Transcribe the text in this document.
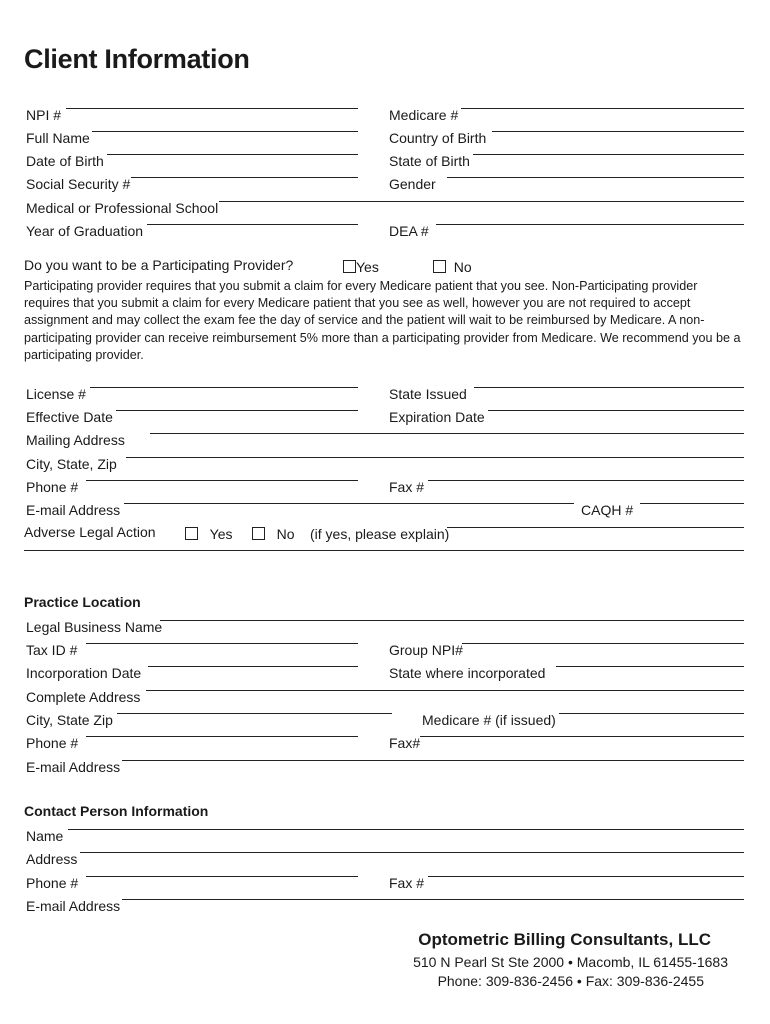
Client Information
NPI #	Medicare #
Full Name	Country of Birth
Date of Birth	State of Birth
Social Security #	Gender
Medical or Professional School
Year of Graduation	DEA #
Do you want to be a Participating Provider?	Yes	No
Participating provider requires that you submit a claim for every Medicare patient that you see. Non-Participating provider requires that you submit a claim for every Medicare patient that you see as well, however you are not required to accept assignment and may collect the exam fee the day of service and the patient will wait to be reimbursed by Medicare. A non-participating provider can receive reimbursement 5% more than a participating provider from Medicare. We recommend you be a participating provider.
License #	State Issued
Effective Date	Expiration Date
Mailing Address
City, State, Zip
Phone #	Fax #
E-mail Address	CAQH #
Adverse Legal Action	Yes	No (if yes, please explain)
Practice Location
Legal Business Name
Tax ID #	Group NPI#
Incorporation Date	State where incorporated
Complete Address
City, State Zip	Medicare # (if issued)
Phone #	Fax#
E-mail Address
Contact Person Information
Name
Address
Phone #	Fax #
E-mail Address
Optometric Billing Consultants, LLC
510 N Pearl St Ste 2000 • Macomb, IL 61455-1683
Phone: 309-836-2456 • Fax: 309-836-2455
